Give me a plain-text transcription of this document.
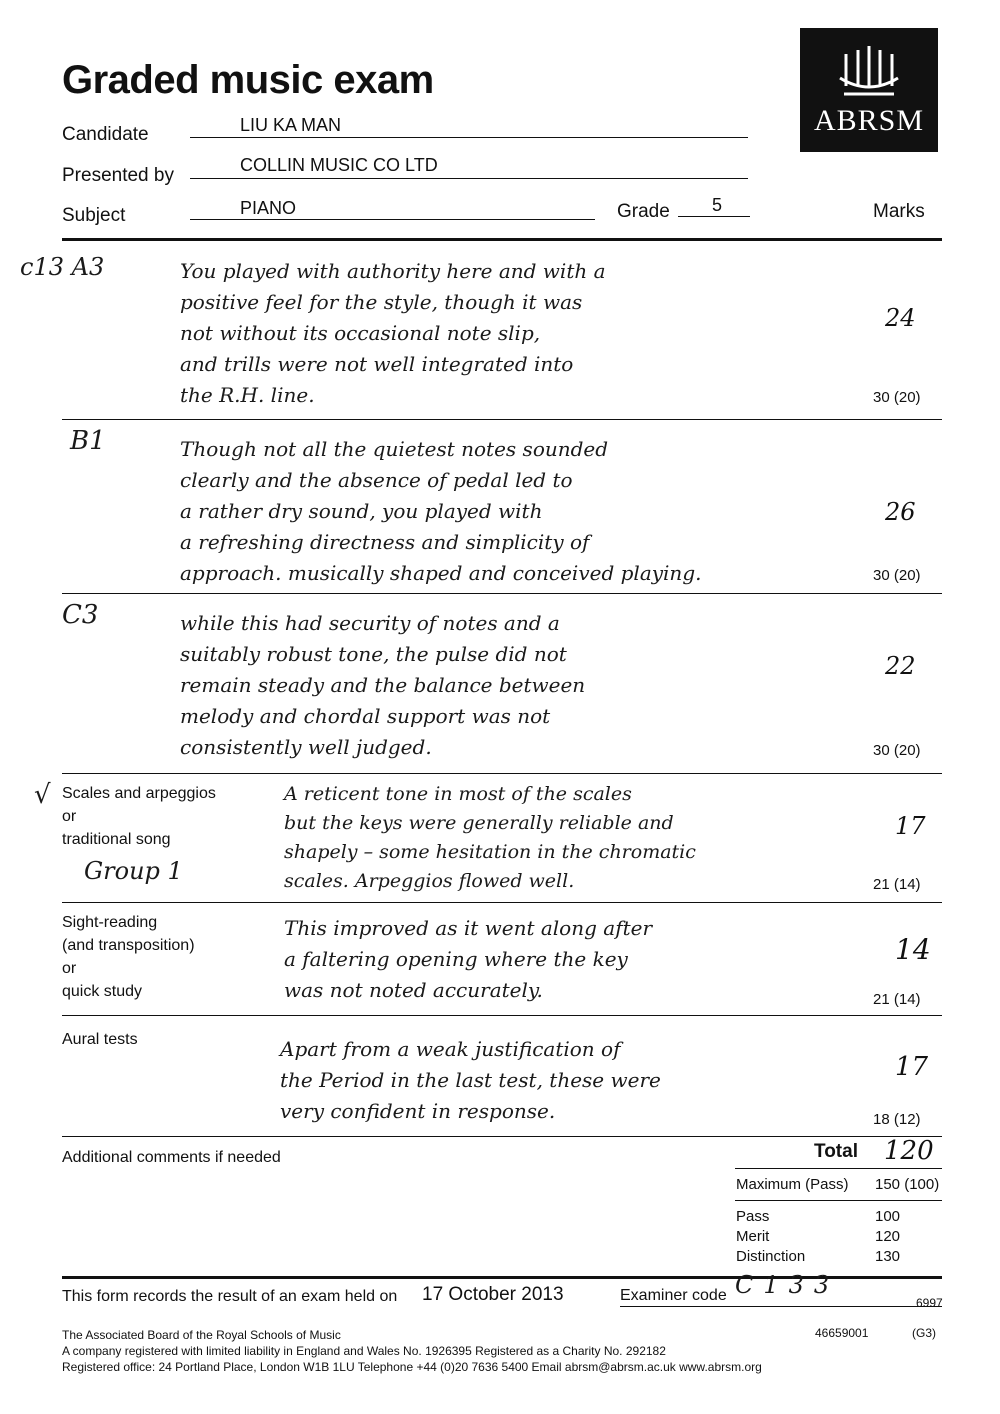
Graded music exam
ABRSM
Candidate	LIU KA MAN
Presented by	COLLIN MUSIC CO LTD
Subject	PIANO	Grade 5	Marks
c13 A3	You played with authority here and with a
positive feel for the style, though it was
not without its occasional note slip,
and trills were not well integrated into
the R.H. line.
24
30 (20)
B1	Though not all the quietest notes sounded
clearly and the absence of pedal led to
a rather dry sound, you played with
a refreshing directness and simplicity of
approach. musically shaped and conceived playing.
26
30 (20)
C3	while this had security of notes and a
suitably robust tone, the pulse did not
remain steady and the balance between
melody and chordal support was not
consistently well judged.
22
30 (20)
√ Scales and arpeggios
or
traditional song
Group 1
A reticent tone in most of the scales
but the keys were generally reliable and
shapely – some hesitation in the chromatic
scales. Arpeggios flowed well.
17
21 (14)
Sight-reading
(and transposition)
or
quick study
This improved as it went along after
a faltering opening where the key
was not noted accurately.
14
21 (14)
Aural tests	Apart from a weak justification of
the Period in the last test, these were
very confident in response.
17
18 (12)
Additional comments if needed	Total 120
Maximum (Pass) 150 (100)
Pass	100
Merit	120
Distinction	130
This form records the result of an exam held on 17 October 2013	Examiner code C133
6997
The Associated Board of the Royal Schools of Music	46659001	(G3)
A company registered with limited liability in England and Wales No. 1926395 Registered as a Charity No. 292182
Registered office: 24 Portland Place, London W1B 1LU Telephone +44 (0)20 7636 5400 Email abrsm@abrsm.ac.uk www.abrsm.org
